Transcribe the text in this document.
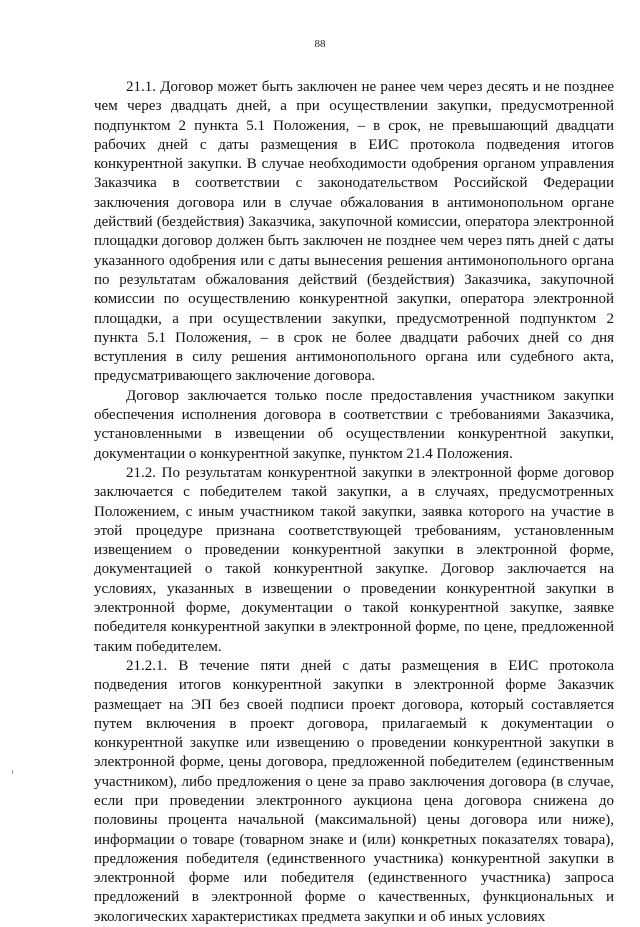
88

21.1. Договор может быть заключен не ранее чем через десять и не позднее чем через двадцать дней, а при осуществлении закупки, предусмотренной подпунктом 2 пункта 5.1 Положения, – в срок, не превышающий двадцати рабочих дней с даты размещения в ЕИС протокола подведения итогов конкурентной закупки. В случае необходимости одобрения органом управления Заказчика в соответствии с законодательством Российской Федерации заключения договора или в случае обжалования в антимонопольном органе действий (бездействия) Заказчика, закупочной комиссии, оператора электронной площадки договор должен быть заключен не позднее чем через пять дней с даты указанного одобрения или с даты вынесения решения антимонопольного органа по результатам обжалования действий (бездействия) Заказчика, закупочной комиссии по осуществлению конкурентной закупки, оператора электронной площадки, а при осуществлении закупки, предусмотренной подпунктом 2 пункта 5.1 Положения, – в срок не более двадцати рабочих дней со дня вступления в силу решения антимонопольного органа или судебного акта, предусматривающего заключение договора.

Договор заключается только после предоставления участником закупки обеспечения исполнения договора в соответствии с требованиями Заказчика, установленными в извещении об осуществлении конкурентной закупки, документации о конкурентной закупке, пунктом 21.4 Положения.

21.2. По результатам конкурентной закупки в электронной форме договор заключается с победителем такой закупки, а в случаях, предусмотренных Положением, с иным участником такой закупки, заявка которого на участие в этой процедуре признана соответствующей требованиям, установленным извещением о проведении конкурентной закупки в электронной форме, документацией о такой конкурентной закупке. Договор заключается на условиях, указанных в извещении о проведении конкурентной закупки в электронной форме, документации о такой конкурентной закупке, заявке победителя конкурентной закупки в электронной форме, по цене, предложенной таким победителем.

21.2.1. В течение пяти дней с даты размещения в ЕИС протокола подведения итогов конкурентной закупки в электронной форме Заказчик размещает на ЭП без своей подписи проект договора, который составляется путем включения в проект договора, прилагаемый к документации о конкурентной закупке или извещению о проведении конкурентной закупки в электронной форме, цены договора, предложенной победителем (единственным участником), либо предложения о цене за право заключения договора (в случае, если при проведении электронного аукциона цена договора снижена до половины процента начальной (максимальной) цены договора или ниже), информации о товаре (товарном знаке и (или) конкретных показателях товара), предложения победителя (единственного участника) конкурентной закупки в электронной форме или победителя (единственного участника) запроса предложений в электронной форме о качественных, функциональных и экологических характеристиках предмета закупки и об иных условиях
